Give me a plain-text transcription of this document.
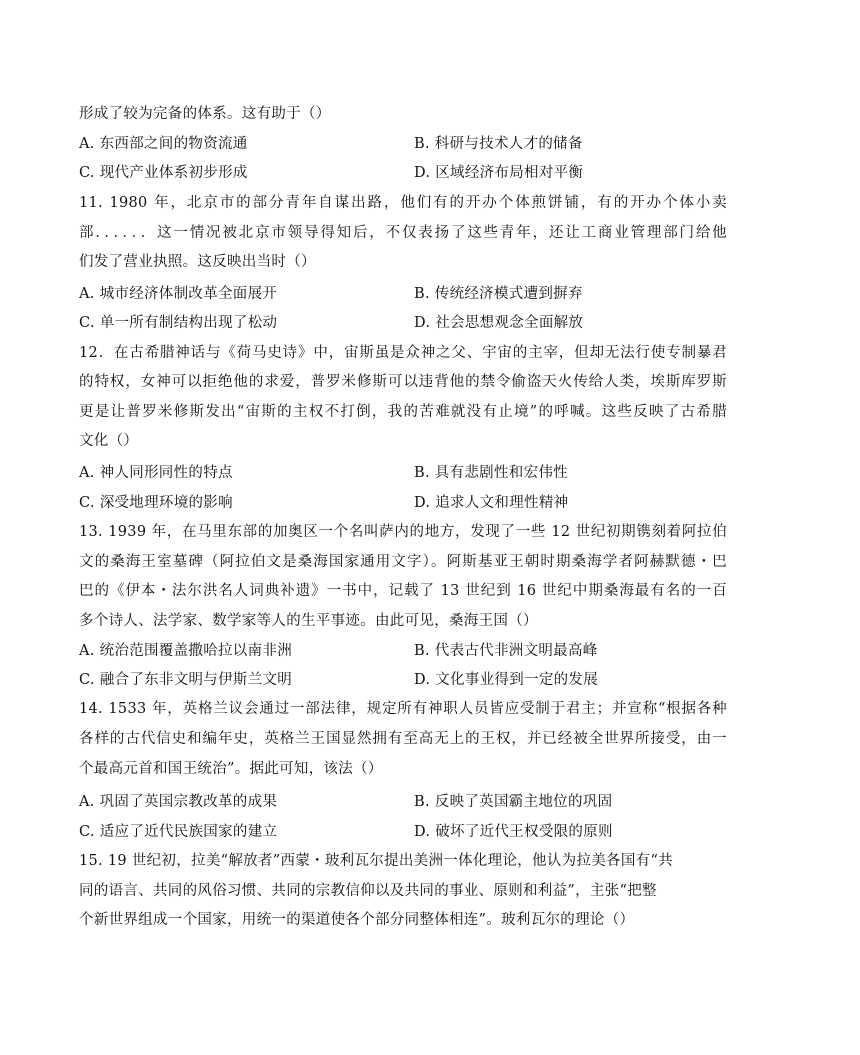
形成了较为完备的体系。这有助于（）
A. 东西部之间的物资流通	B. 科研与技术人才的储备
C. 现代产业体系初步形成	D. 区域经济布局相对平衡
11. 1980 年，北京市的部分青年自谋出路，他们有的开办个体煎饼铺，有的开办个体小卖
部．．．．．．这一情况被北京市领导得知后，不仅表扬了这些青年，还让工商业管理部门给他
们发了营业执照。这反映出当时（）
A. 城市经济体制改革全面展开	B. 传统经济模式遭到摒弃
C. 单一所有制结构出现了松动	D. 社会思想观念全面解放
12．在古希腊神话与《荷马史诗》中，宙斯虽是众神之父、宇宙的主宰，但却无法行使专制暴君
的特权，女神可以拒绝他的求爱，普罗米修斯可以违背他的禁令偷盗天火传给人类，埃斯库罗斯
更是让普罗米修斯发出“宙斯的主权不打倒，我的苦难就没有止境”的呼喊。这些反映了古希腊
文化（）
A. 神人同形同性的特点	B. 具有悲剧性和宏伟性
C. 深受地理环境的影响	D. 追求人文和理性精神
13. 1939 年，在马里东部的加奥区一个名叫萨内的地方，发现了一些 12 世纪初期镌刻着阿拉伯
文的桑海王室墓碑（阿拉伯文是桑海国家通用文字）。阿斯基亚王朝时期桑海学者阿赫默德・巴
巴的《伊本・法尔洪名人词典补遗》一书中，记载了 13 世纪到 16 世纪中期桑海最有名的一百
多个诗人、法学家、数学家等人的生平事迹。由此可见，桑海王国（）
A. 统治范围覆盖撒哈拉以南非洲	B. 代表古代非洲文明最高峰
C. 融合了东非文明与伊斯兰文明	D. 文化事业得到一定的发展
14. 1533 年，英格兰议会通过一部法律，规定所有神职人员皆应受制于君主；并宣称“根据各种
各样的古代信史和编年史，英格兰王国显然拥有至高无上的王权，并已经被全世界所接受，由一
个最高元首和国王统治”。据此可知，该法（）
A. 巩固了英国宗教改革的成果	B. 反映了英国霸主地位的巩固
C. 适应了近代民族国家的建立	D. 破坏了近代王权受限的原则
15. 19 世纪初，拉美“解放者”西蒙・玻利瓦尔提出美洲一体化理论，他认为拉美各国有“共
同的语言、共同的风俗习惯、共同的宗教信仰以及共同的事业、原则和利益”，主张“把整
个新世界组成一个国家，用统一的渠道使各个部分同整体相连”。玻利瓦尔的理论（）
